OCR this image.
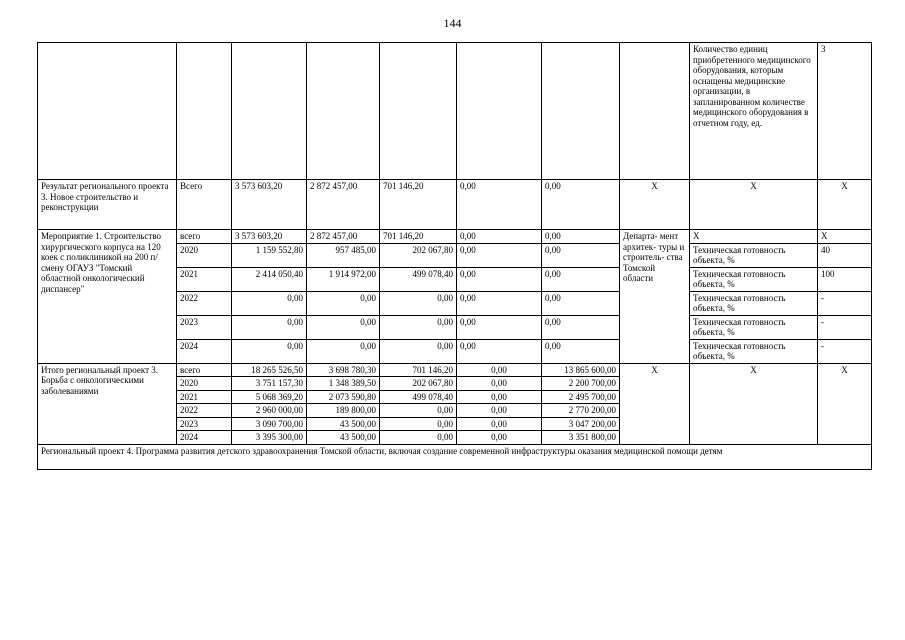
144
								Количество единиц приобретенного медицинского оборудования, которым оснащены медицинские организации, в запланированном количестве медицинского оборудования в отчетном году, ед.	3
Результат регионального проекта 3. Новое строительство и реконструкции	Всего	3 573 603,20	2 872 457,00	701 146,20	0,00	0,00	X	X	X
Мероприятие 1. Строительство хирургического корпуса на 120 коек с поликлиникой на 200 п/смену ОГАУЗ "Томский областной онкологический диспансер"	всего	3 573 603,20	2 872 457,00	701 146,20	0,00	0,00	Департа- мент архитек- туры и строитель- ства Томской области	X	X
	2020	1 159 552,80	957 485,00	202 067,80	0,00	0,00		Техническая готовность объекта, %	40
	2021	2 414 050,40	1 914 972,00	499 078,40	0,00	0,00		Техническая готовность объекта, %	100
	2022	0,00	0,00	0,00	0,00	0,00		Техническая готовность объекта, %	-
	2023	0,00	0,00	0,00	0,00	0,00		Техническая готовность объекта, %	-
	2024	0,00	0,00	0,00	0,00	0,00		Техническая готовность объекта, %	-
Итого региональный проект 3. Борьба с онкологическими заболеваниями	всего	18 265 526,50	3 698 780,30	701 146,20	0,00	13 865 600,00	X	X	X
	2020	3 751 157,30	1 348 389,50	202 067,80	0,00	2 200 700,00			
	2021	5 068 369,20	2 073 590,80	499 078,40	0,00	2 495 700,00			
	2022	2 960 000,00	189 800,00	0,00	0,00	2 770 200,00			
	2023	3 090 700,00	43 500,00	0,00	0,00	3 047 200,00			
	2024	3 395 300,00	43 500,00	0,00	0,00	3 351 800,00			
Региональный проект 4. Программа развития детского здравоохранения Томской области, включая создание современной инфраструктуры оказания медицинской помощи детям									
